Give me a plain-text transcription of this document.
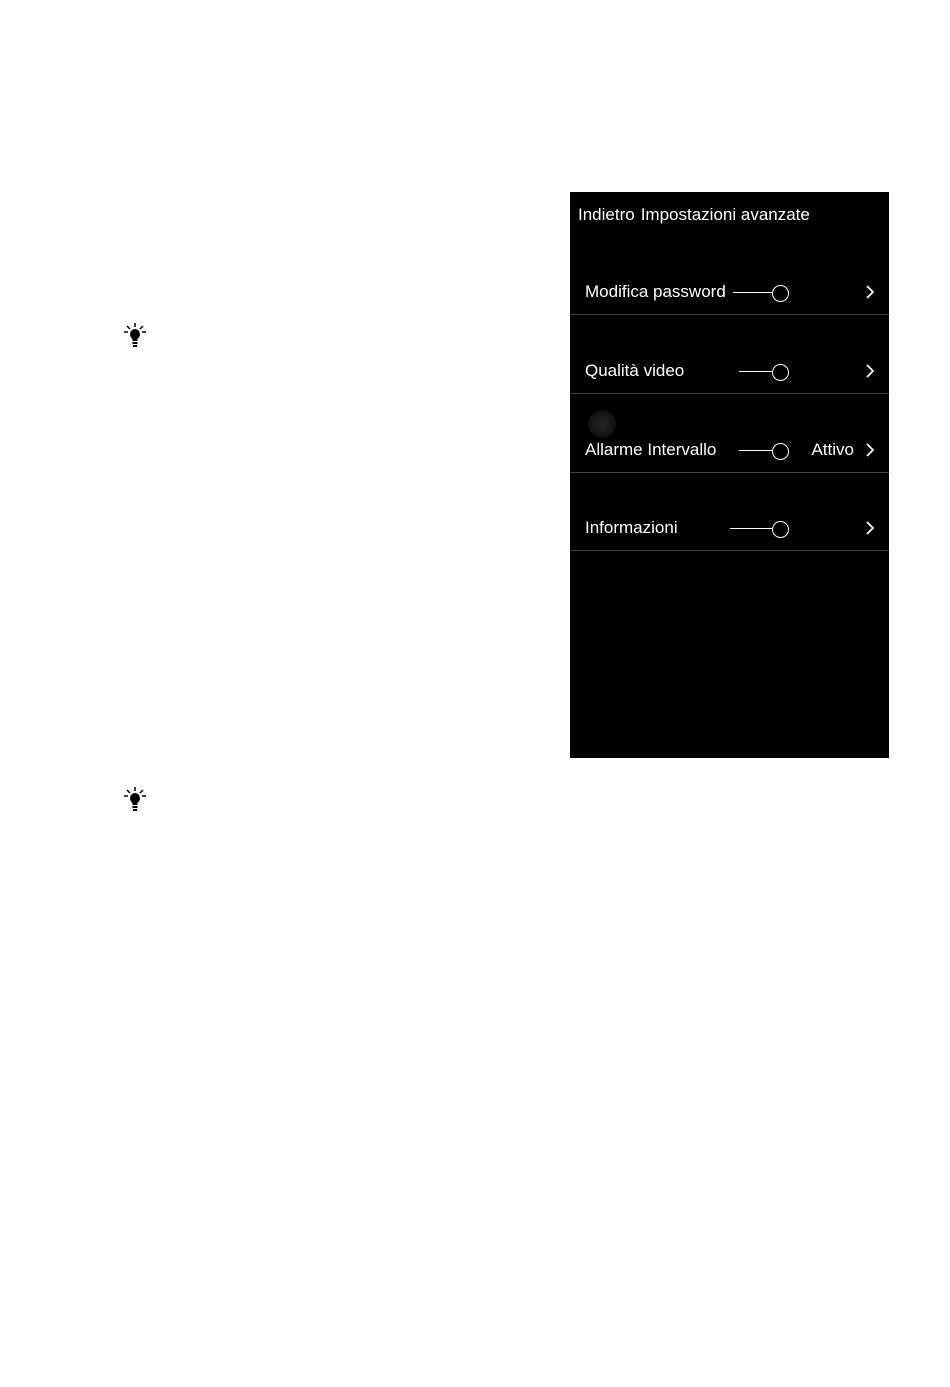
Indietro Impostazioni avanzate
Modifica password
Qualità video
Allarme Intervallo	Attivo
Informazioni
